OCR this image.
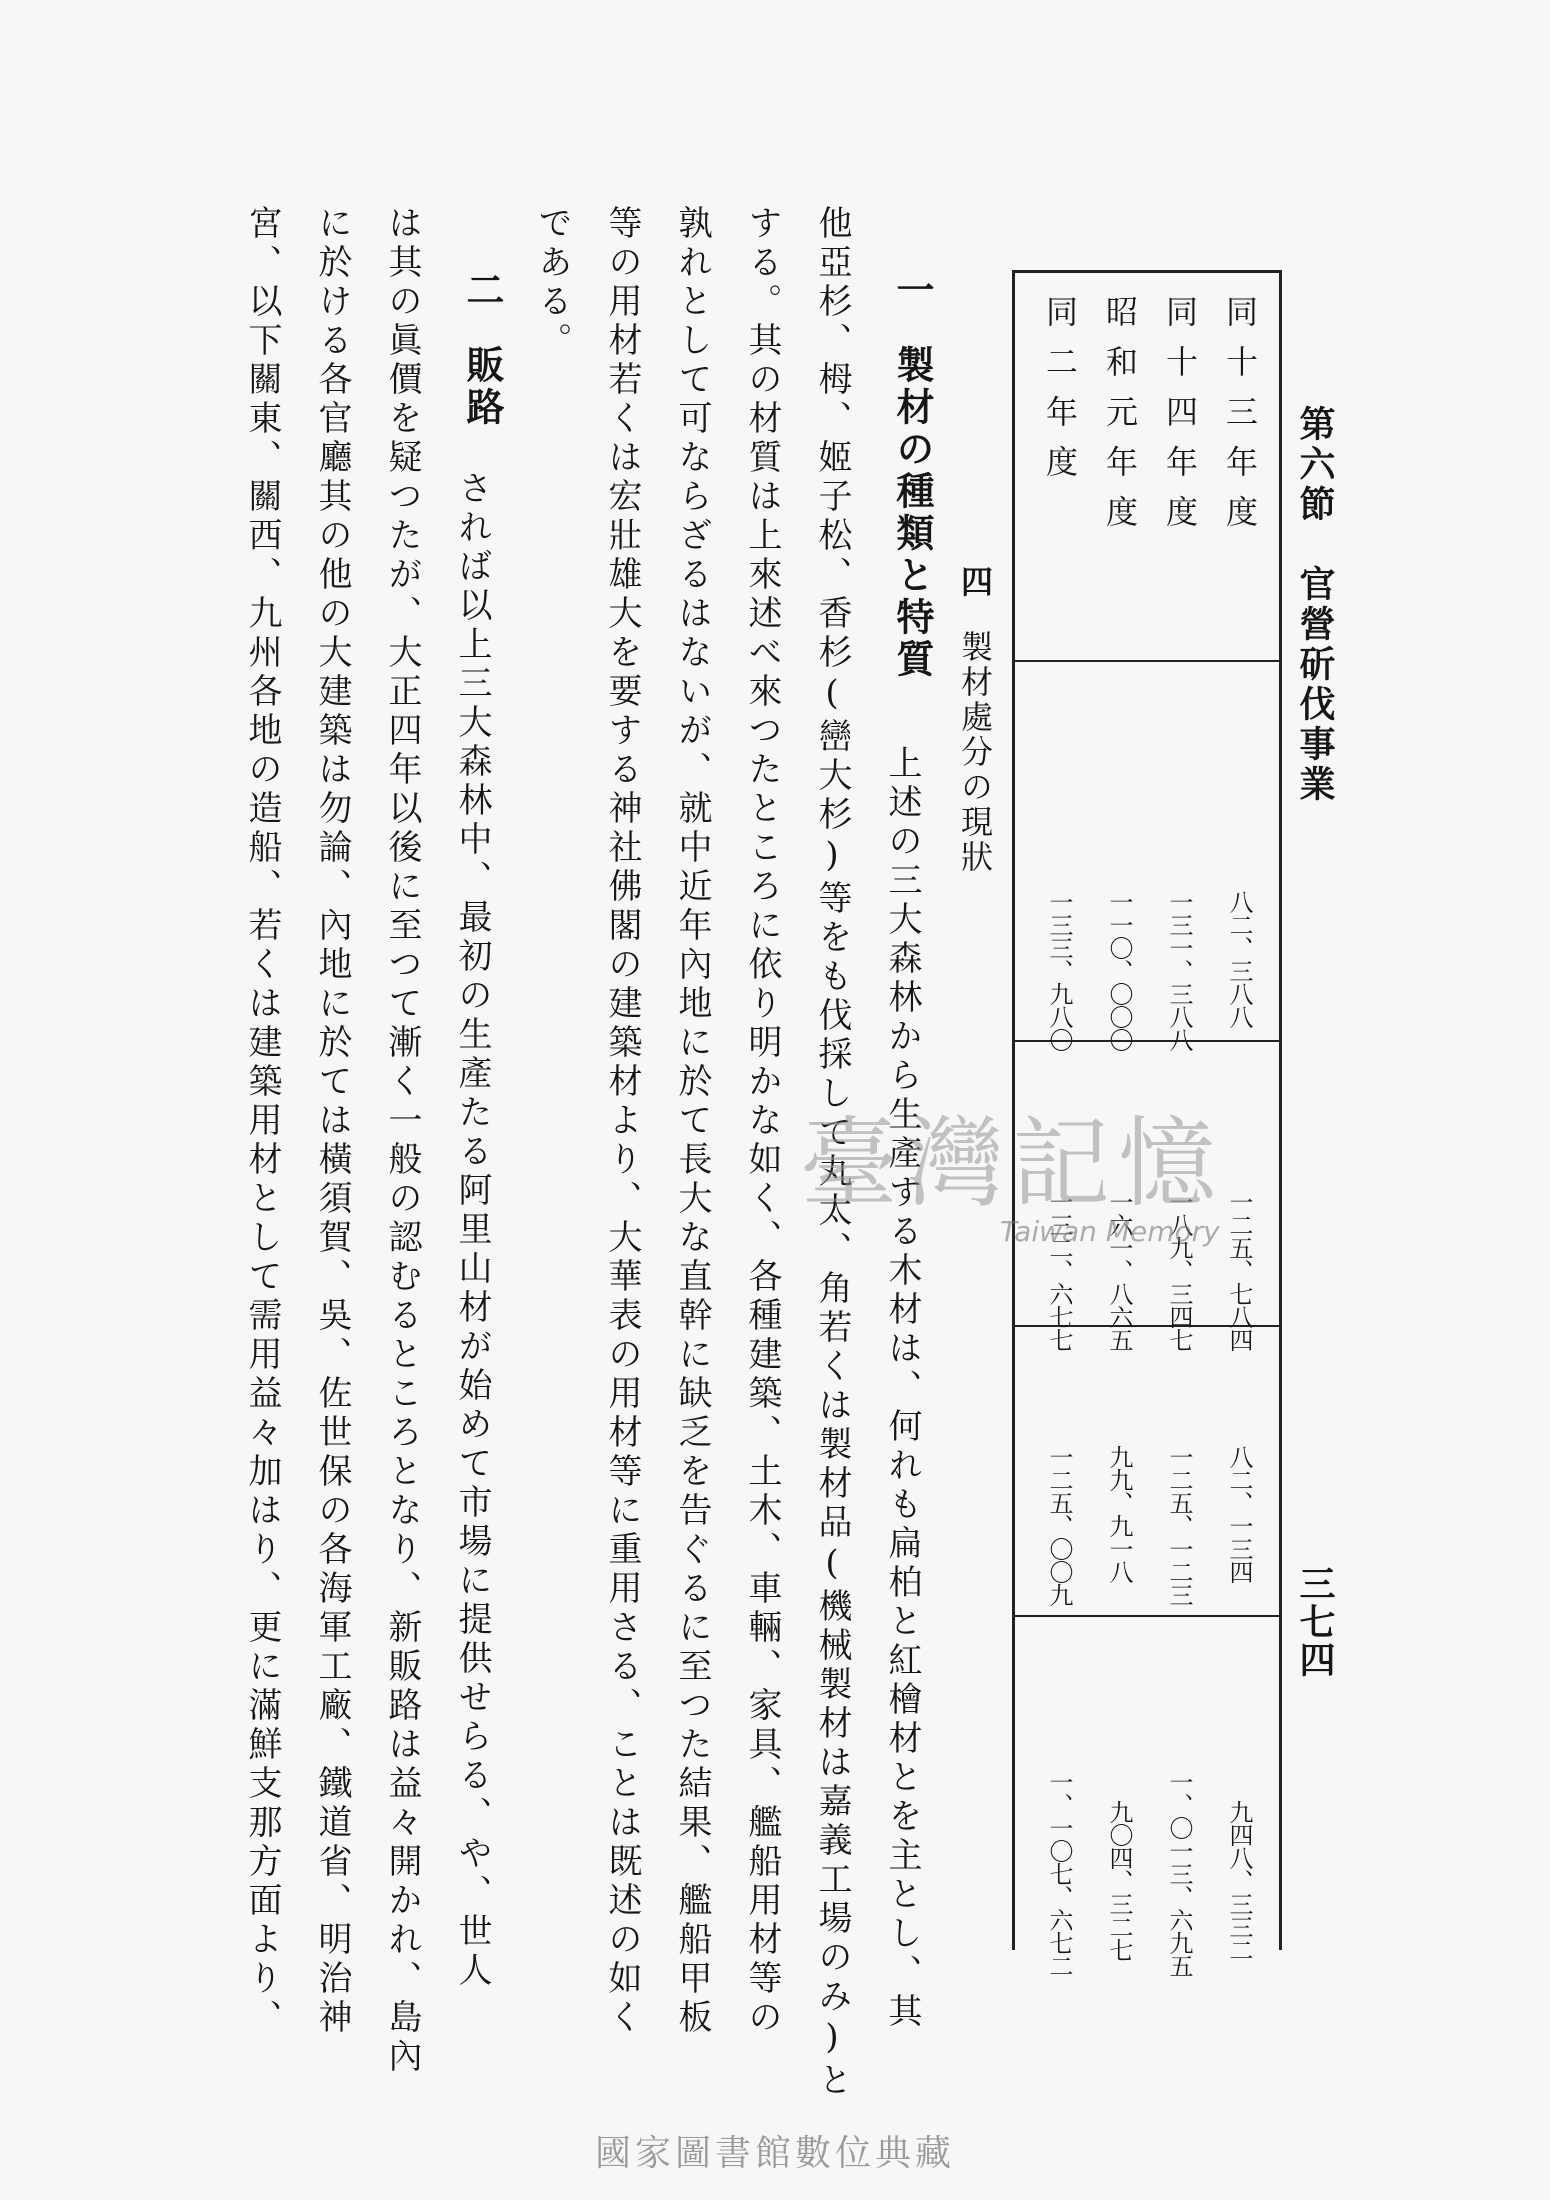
第六節　官營斫伐事業
三七四
同十三年度
八二、三八八
一二五、七八四
八二、一三四
九四八、三三二
同十四年度
一三一、三八八
一八九、三四七
一二五、一二三
一、〇一三、六九五
昭和元年度
一一〇、〇〇〇
一六一、八六五
九九、九一八
九〇四、三二七
同二年度
一三三、九八〇
一三二、六七七
一二五、〇〇九
一、一〇七、六七二
四
製材處分の現狀
一
製材の種類と特質
上述の三大森林から生產する木材は、何れも扁柏と紅檜材とを主とし、其
他亞杉、栂、姬子松、香杉(巒大杉)等をも伐採して丸太、角若くは製材品(機械製材は嘉義工場のみ)と
する。其の材質は上來述べ來つたところに依り明かな如く、各種建築、土木、車輛、家具、艦船用材等の
孰れとして可ならざるはないが、就中近年內地に於て長大な直幹に缺乏を告ぐるに至つた結果、艦船甲板
等の用材若くは宏壯雄大を要する神社佛閣の建築材より、大華表の用材等に重用さる、ことは既述の如く
である。
二
販路
されば以上三大森林中、最初の生產たる阿里山材が始めて市場に提供せらる、や、世人
は其の眞價を疑つたが、大正四年以後に至つて漸く一般の認むるところとなり、新販路は益々開かれ、島內
に於ける各官廳其の他の大建築は勿論、內地に於ては橫須賀、吳、佐世保の各海軍工廠、鐵道省、明治神
宮、以下關東、關西、九州各地の造船、若くは建築用材として需用益々加はり、更に滿鮮支那方面より、	臺灣記憶
Taiwan Memory
國家圖書館數位典藏
